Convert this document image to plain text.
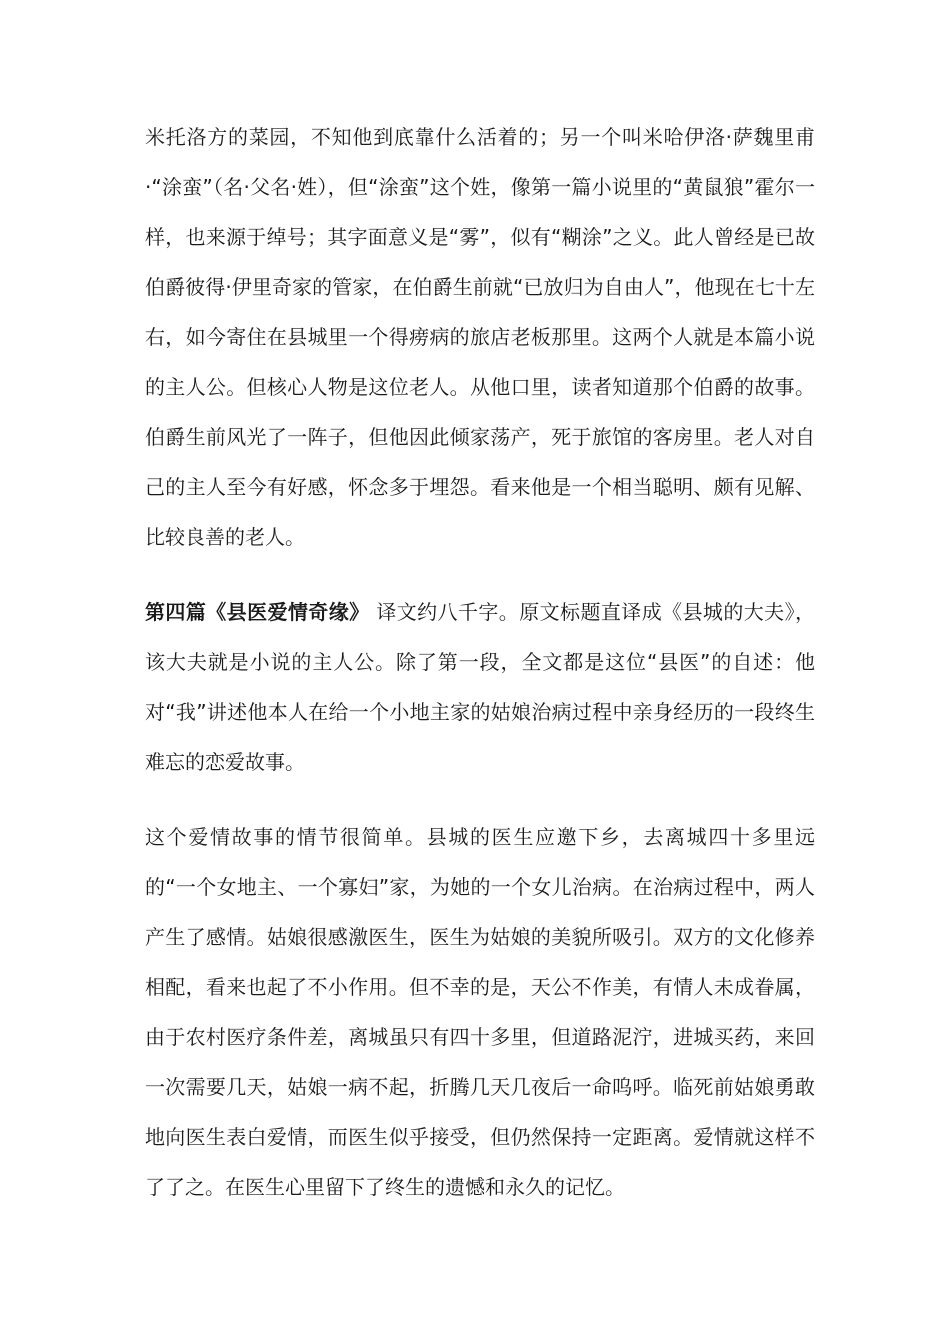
米托洛方的菜园，不知他到底靠什么活着的；另一个叫米哈伊洛·萨魏里甫·“涂蛮”（名·父名·姓），但“涂蛮”这个姓，像第一篇小说里的“黄鼠狼”霍尔一样，也来源于绰号；其字面意义是“雾”，似有“糊涂”之义。此人曾经是已故伯爵彼得·伊里奇家的管家，在伯爵生前就“已放归为自由人”，他现在七十左右，如今寄住在县城里一个得痨病的旅店老板那里。这两个人就是本篇小说的主人公。但核心人物是这位老人。从他口里，读者知道那个伯爵的故事。伯爵生前风光了一阵子，但他因此倾家荡产，死于旅馆的客房里。老人对自己的主人至今有好感，怀念多于埋怨。看来他是一个相当聪明、颇有见解、比较良善的老人。

第四篇《县医爱情奇缘》 译文约八千字。原文标题直译成《县城的大夫》，该大夫就是小说的主人公。除了第一段，全文都是这位“县医”的自述：他对“我”讲述他本人在给一个小地主家的姑娘治病过程中亲身经历的一段终生难忘的恋爱故事。

这个爱情故事的情节很简单。县城的医生应邀下乡，去离城四十多里远的“一个女地主、一个寡妇”家，为她的一个女儿治病。在治病过程中，两人产生了感情。姑娘很感激医生，医生为姑娘的美貌所吸引。双方的文化修养相配，看来也起了不小作用。但不幸的是，天公不作美，有情人未成眷属，由于农村医疗条件差，离城虽只有四十多里，但道路泥泞，进城买药，来回一次需要几天，姑娘一病不起，折腾几天几夜后一命呜呼。临死前姑娘勇敢地向医生表白爱情，而医生似乎接受，但仍然保持一定距离。爱情就这样不了了之。在医生心里留下了终生的遗憾和永久的记忆。
